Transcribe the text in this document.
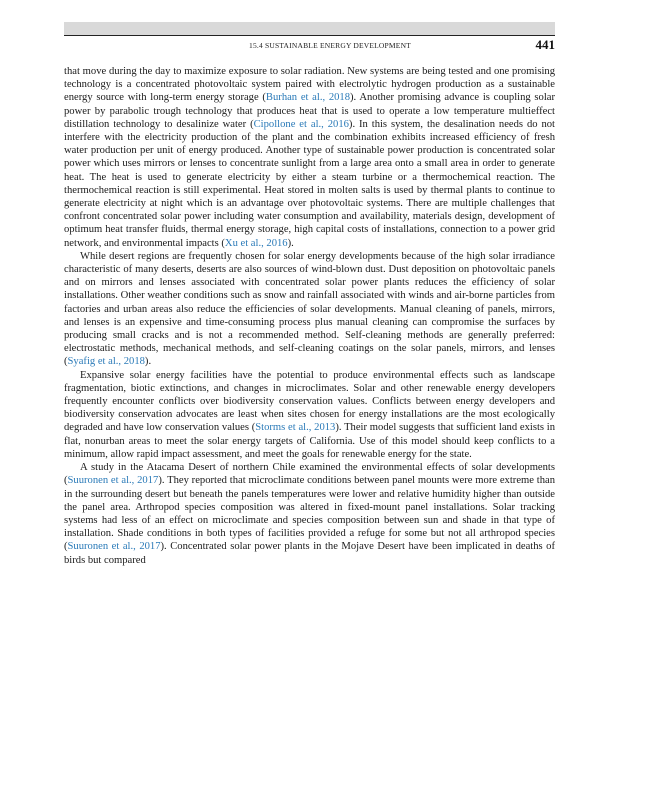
15.4 SUSTAINABLE ENERGY DEVELOPMENT	441

that move during the day to maximize exposure to solar radiation. New systems are being tested and one promising technology is a concentrated photovoltaic system paired with electrolytic hydrogen production as a sustainable energy source with long-term energy storage (Burhan et al., 2018). Another promising advance is coupling solar power by parabolic trough technology that produces heat that is used to operate a low temperature multieffect distillation technology to desalinize water (Cipollone et al., 2016). In this system, the desalination needs do not interfere with the electricity production of the plant and the combination exhibits increased efficiency of fresh water production per unit of energy produced. Another type of sustainable power production is concentrated solar power which uses mirrors or lenses to concentrate sunlight from a large area onto a small area in order to generate heat. The heat is used to generate electricity by either a steam turbine or a thermochemical reaction. The thermochemical reaction is still experimental. Heat stored in molten salts is used by thermal plants to continue to generate electricity at night which is an advantage over photovoltaic systems. There are multiple challenges that confront concentrated solar power including water consumption and availability, materials design, development of optimum heat transfer fluids, thermal energy storage, high capital costs of installations, connection to a power grid network, and environmental impacts (Xu et al., 2016).

While desert regions are frequently chosen for solar energy developments because of the high solar irradiance characteristic of many deserts, deserts are also sources of wind-blown dust. Dust deposition on photovoltaic panels and on mirrors and lenses associated with concentrated solar power plants reduces the efficiency of solar installations. Other weather conditions such as snow and rainfall associated with winds and air-borne particles from factories and urban areas also reduce the efficiencies of solar developments. Manual cleaning of panels, mirrors, and lenses is an expensive and time-consuming process plus manual cleaning can compromise the surfaces by producing small cracks and is not a recommended method. Self-cleaning methods are generally preferred: electrostatic methods, mechanical methods, and self-cleaning coatings on the solar panels, mirrors, and lenses (Syafig et al., 2018).

Expansive solar energy facilities have the potential to produce environmental effects such as landscape fragmentation, biotic extinctions, and changes in microclimates. Solar and other renewable energy developers frequently encounter conflicts over biodiversity conservation values. Conflicts between energy developers and biodiversity conservation advocates are least when sites chosen for energy installations are the most ecologically degraded and have low conservation values (Storms et al., 2013). Their model suggests that sufficient land exists in flat, nonurban areas to meet the solar energy targets of California. Use of this model should keep conflicts to a minimum, allow rapid impact assessment, and meet the goals for renewable energy for the state.

A study in the Atacama Desert of northern Chile examined the environmental effects of solar developments (Suuronen et al., 2017). They reported that microclimate conditions between panel mounts were more extreme than in the surrounding desert but beneath the panels temperatures were lower and relative humidity higher than outside the panel area. Arthropod species composition was altered in fixed-mount panel installations. Solar tracking systems had less of an effect on microclimate and species composition between sun and shade in that type of installation. Shade conditions in both types of facilities provided a refuge for some but not all arthropod species (Suuronen et al., 2017). Concentrated solar power plants in the Mojave Desert have been implicated in deaths of birds but compared
